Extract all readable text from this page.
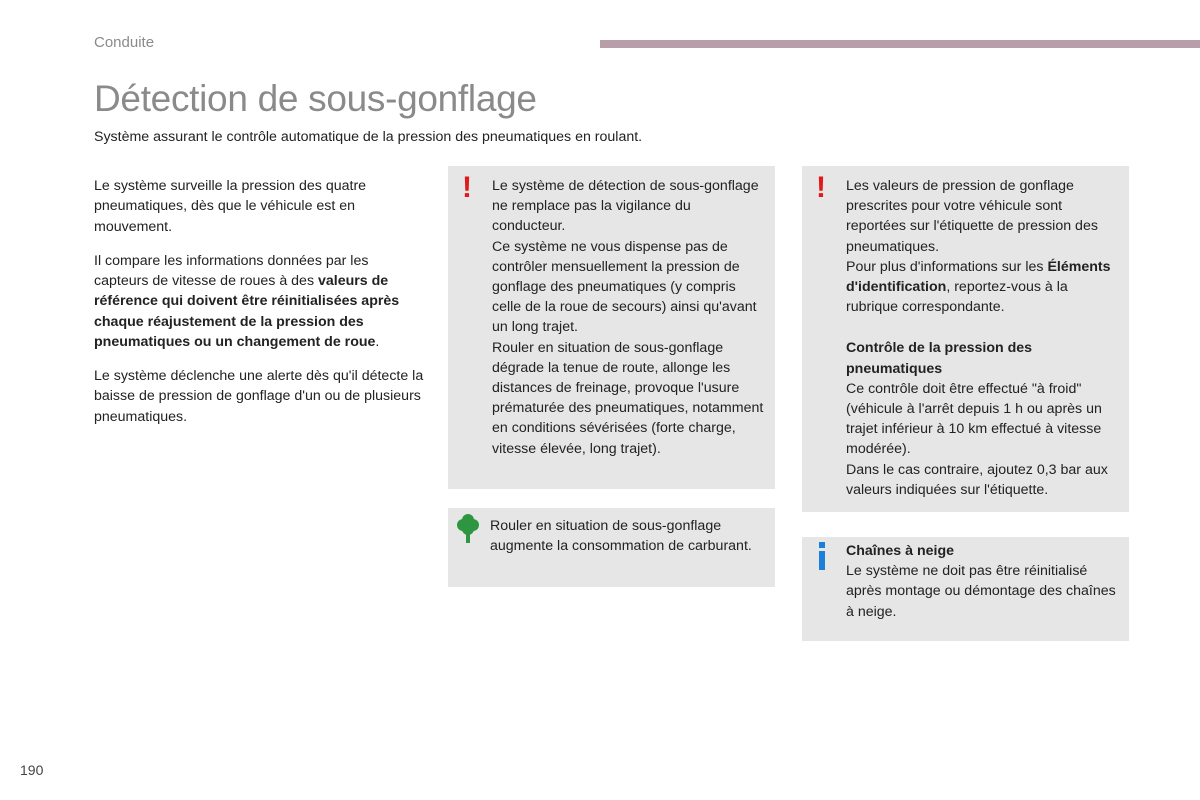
Conduite

Détection de sous-gonflage

Système assurant le contrôle automatique de la pression des pneumatiques en roulant.

Le système surveille la pression des quatre pneumatiques, dès que le véhicule est en mouvement.

Il compare les informations données par les capteurs de vitesse de roues à des valeurs de référence qui doivent être réinitialisées après chaque réajustement de la pression des pneumatiques ou un changement de roue.

Le système déclenche une alerte dès qu'il détecte la baisse de pression de gonflage d'un ou de plusieurs pneumatiques.

! Le système de détection de sous-gonflage ne remplace pas la vigilance du conducteur.

Ce système ne vous dispense pas de contrôler mensuellement la pression de gonflage des pneumatiques (y compris celle de la roue de secours) ainsi qu'avant un long trajet.

Rouler en situation de sous-gonflage dégrade la tenue de route, allonge les distances de freinage, provoque l'usure prématurée des pneumatiques, notamment en conditions sévérisées (forte charge, vitesse élevée, long trajet).

Rouler en situation de sous-gonflage augmente la consommation de carburant.

! Les valeurs de pression de gonflage prescrites pour votre véhicule sont reportées sur l'étiquette de pression des pneumatiques.

Pour plus d'informations sur les Éléments d'identification, reportez-vous à la rubrique correspondante.

Contrôle de la pression des pneumatiques

Ce contrôle doit être effectué "à froid" (véhicule à l'arrêt depuis 1 h ou après un trajet inférieur à 10 km effectué à vitesse modérée).

Dans le cas contraire, ajoutez 0,3 bar aux valeurs indiquées sur l'étiquette.

Chaînes à neige

Le système ne doit pas être réinitialisé après montage ou démontage des chaînes à neige.

190
